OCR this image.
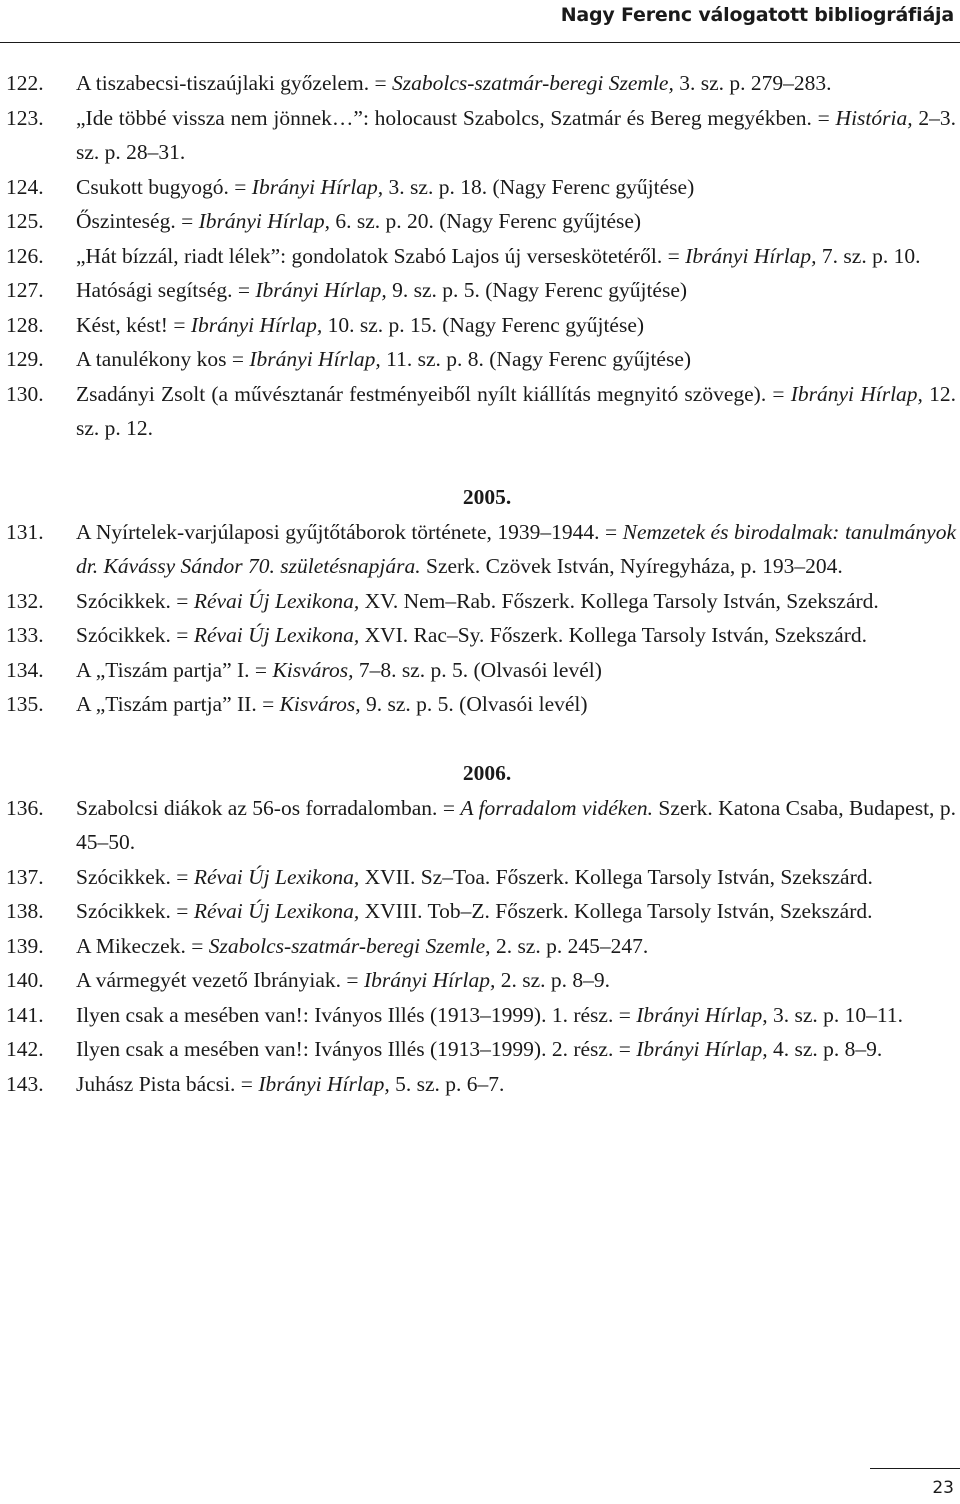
Nagy Ferenc válogatott bibliográfiája
122.	A tiszabecsi-tiszaújlaki győzelem. = Szabolcs-szatmár-beregi Szemle, 3. sz. p. 279–283.
123.	„Ide többé vissza nem jönnek…”: holocaust Szabolcs, Szatmár és Bereg megyékben. = História, 2–3. sz. p. 28–31.
124.	Csukott bugyogó. = Ibrányi Hírlap, 3. sz. p. 18. (Nagy Ferenc gyűjtése)
125.	Őszinteség. = Ibrányi Hírlap, 6. sz. p. 20. (Nagy Ferenc gyűjtése)
126.	„Hát bízzál, riadt lélek”: gondolatok Szabó Lajos új verseskötetéről. = Ibrányi Hírlap, 7. sz. p. 10.
127.	Hatósági segítség. = Ibrányi Hírlap, 9. sz. p. 5. (Nagy Ferenc gyűjtése)
128.	Kést, kést! = Ibrányi Hírlap, 10. sz. p. 15. (Nagy Ferenc gyűjtése)
129.	A tanulékony kos = Ibrányi Hírlap, 11. sz. p. 8. (Nagy Ferenc gyűjtése)
130.	Zsadányi Zsolt (a művésztanár festményeiből nyílt kiállítás megnyitó szövege). = Ibrányi Hírlap, 12. sz. p. 12.
2005.
131.	A Nyírtelek-varjúlaposi gyűjtőtáborok története, 1939–1944. = Nemzetek és birodalmak: tanulmányok dr. Kávássy Sándor 70. születésnapjára. Szerk. Czövek István, Nyíregyháza, p. 193–204.
132.	Szócikkek. = Révai Új Lexikona, XV. Nem–Rab. Főszerk. Kollega Tarsoly István, Szekszárd.
133.	Szócikkek. = Révai Új Lexikona, XVI. Rac–Sy. Főszerk. Kollega Tarsoly István, Szekszárd.
134.	A „Tiszám partja” I. = Kisváros, 7–8. sz. p. 5. (Olvasói levél)
135.	A „Tiszám partja” II. = Kisváros, 9. sz. p. 5. (Olvasói levél)
2006.
136.	Szabolcsi diákok az 56-os forradalomban. = A forradalom vidéken. Szerk. Katona Csaba, Budapest, p. 45–50.
137.	Szócikkek. = Révai Új Lexikona, XVII. Sz–Toa. Főszerk. Kollega Tarsoly István, Szekszárd.
138.	Szócikkek. = Révai Új Lexikona, XVIII. Tob–Z. Főszerk. Kollega Tarsoly István, Szekszárd.
139.	A Mikeczek. = Szabolcs-szatmár-beregi Szemle, 2. sz. p. 245–247.
140.	A vármegyét vezető Ibrányiak. = Ibrányi Hírlap, 2. sz. p. 8–9.
141.	Ilyen csak a mesében van!: Iványos Illés (1913–1999). 1. rész. = Ibrányi Hírlap, 3. sz. p. 10–11.
142.	Ilyen csak a mesében van!: Iványos Illés (1913–1999). 2. rész. = Ibrányi Hírlap, 4. sz. p. 8–9.
143.	Juhász Pista bácsi. = Ibrányi Hírlap, 5. sz. p. 6–7.
23
